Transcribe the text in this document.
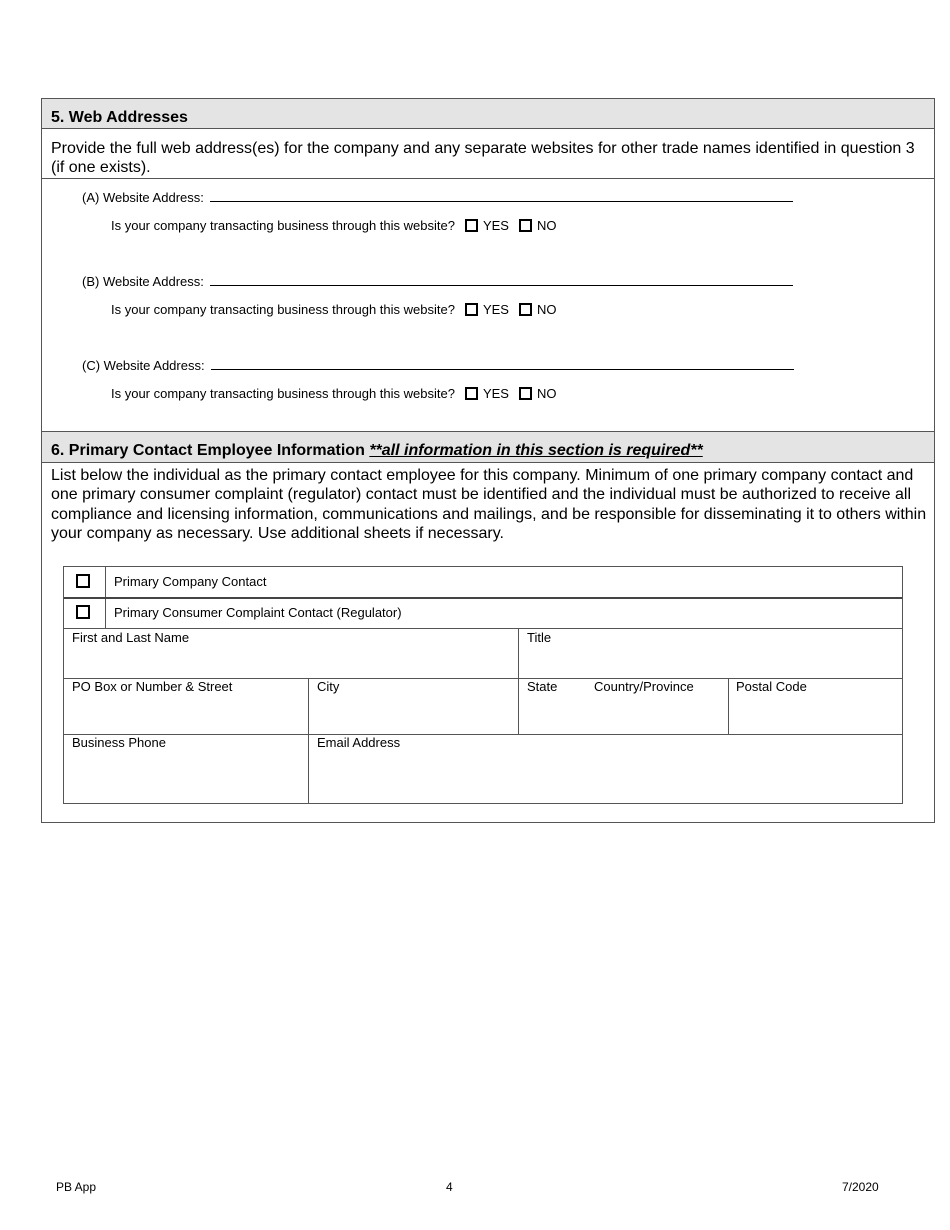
5. Web Addresses
Provide the full web address(es) for the company and any separate websites for other trade names identified in question 3 (if one exists).
(A) Website Address:
Is your company transacting business through this website? YES NO
(B) Website Address:
Is your company transacting business through this website? YES NO
(C) Website Address:
Is your company transacting business through this website? YES NO
6. Primary Contact Employee Information **all information in this section is required**
List below the individual as the primary contact employee for this company. Minimum of one primary company contact and one primary consumer complaint (regulator) contact must be identified and the individual must be authorized to receive all compliance and licensing information, communications and mailings, and be responsible for disseminating it to others within your company as necessary. Use additional sheets if necessary.
Primary Company Contact
Primary Consumer Complaint Contact (Regulator)
First and Last Name	Title
PO Box or Number & Street	City	State	Country/Province	Postal Code
Business Phone	Email Address
PB App	4	7/2020
